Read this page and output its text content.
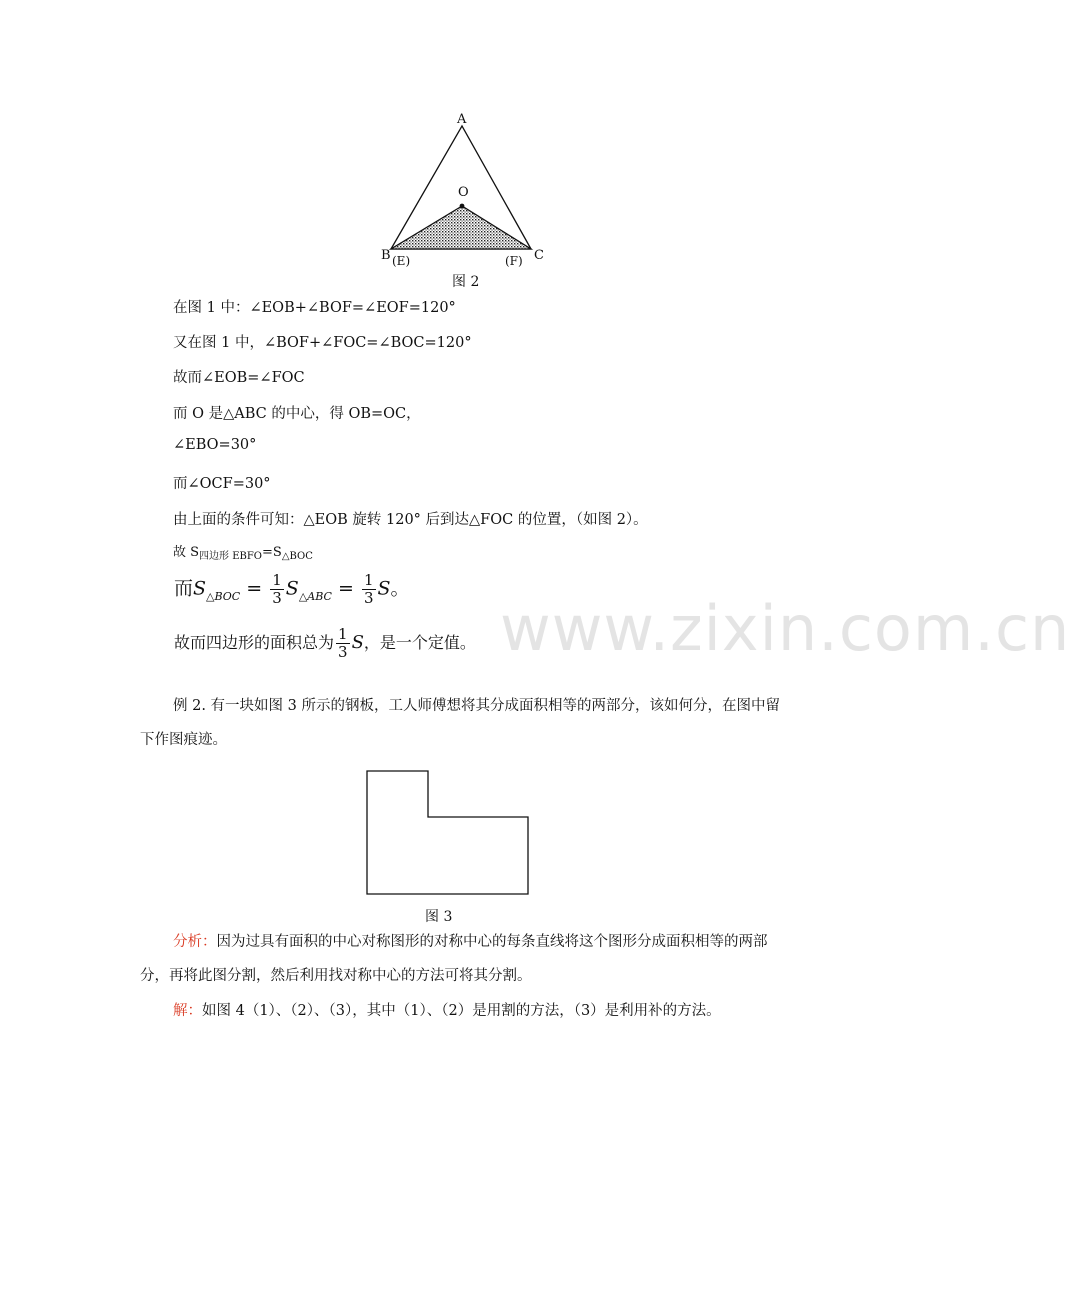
A
O
B	C
(E)	(F)
图 2
在图 1 中：∠EOB+∠BOF=∠EOF=120°
又在图 1 中，∠BOF+∠FOC=∠BOC=120°
故而∠EOB=∠FOC
而 O 是△ABC 的中心，得 OB=OC，
∠EBO=30°
而∠OCF=30°
由上面的条件可知：△EOB 旋转 120° 后到达△FOC 的位置，（如图 2）。
故 $S_{四边形 EBFO}=S_{\triangle BOC}$
而$S_{\triangle BOC} = \frac{1}{3} S_{\triangle ABC} = \frac{1}{3}$ S。
www.zixin.com.cn
故而四边形的面积总为 $\frac{1}{3}$ S，是一个定值。
例 2. 有一块如图 3 所示的钢板，工人师傅想将其分成面积相等的两部分，该如何分，在图中留下作图痕迹。
图 3
分析：因为过具有面积的中心对称图形的对称中心的每条直线将这个图形分成面积相等的两部分，再将此图分割，然后利用找对称中心的方法可将其分割。
解：如图 4（1）、（2）、（3），其中（1）、（2）是用割的方法，（3）是利用补的方法。
